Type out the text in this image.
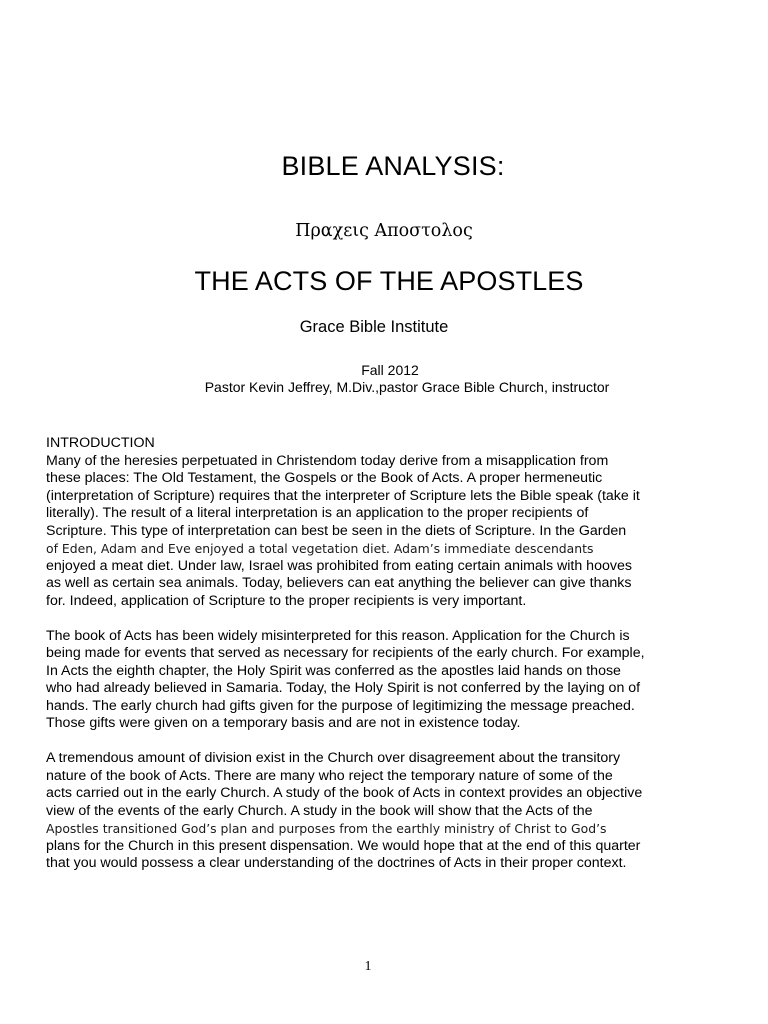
BIBLE ANALYSIS:
Πραχεις Αποστολος
THE ACTS OF THE APOSTLES
Grace Bible Institute
Fall 2012
Pastor Kevin Jeffrey, M.Div.,pastor Grace Bible Church, instructor

INTRODUCTION
Many of the heresies perpetuated in Christendom today derive from a misapplication from
these places: The Old Testament, the Gospels or the Book of Acts. A proper hermeneutic
(interpretation of Scripture) requires that the interpreter of Scripture lets the Bible speak (take it
literally). The result of a literal interpretation is an application to the proper recipients of
Scripture. This type of interpretation can best be seen in the diets of Scripture. In the Garden
of Eden, Adam and Eve enjoyed a total vegetation diet. Adam’s immediate descendants
enjoyed a meat diet. Under law, Israel was prohibited from eating certain animals with hooves
as well as certain sea animals. Today, believers can eat anything the believer can give thanks
for. Indeed, application of Scripture to the proper recipients is very important.

The book of Acts has been widely misinterpreted for this reason. Application for the Church is
being made for events that served as necessary for recipients of the early church. For example,
In Acts the eighth chapter, the Holy Spirit was conferred as the apostles laid hands on those
who had already believed in Samaria. Today, the Holy Spirit is not conferred by the laying on of
hands. The early church had gifts given for the purpose of legitimizing the message preached.
Those gifts were given on a temporary basis and are not in existence today.

A tremendous amount of division exist in the Church over disagreement about the transitory
nature of the book of Acts. There are many who reject the temporary nature of some of the
acts carried out in the early Church. A study of the book of Acts in context provides an objective
view of the events of the early Church. A study in the book will show that the Acts of the
Apostles transitioned God’s plan and purposes from the earthly ministry of Christ to God’s
plans for the Church in this present dispensation. We would hope that at the end of this quarter
that you would possess a clear understanding of the doctrines of Acts in their proper context.

1
